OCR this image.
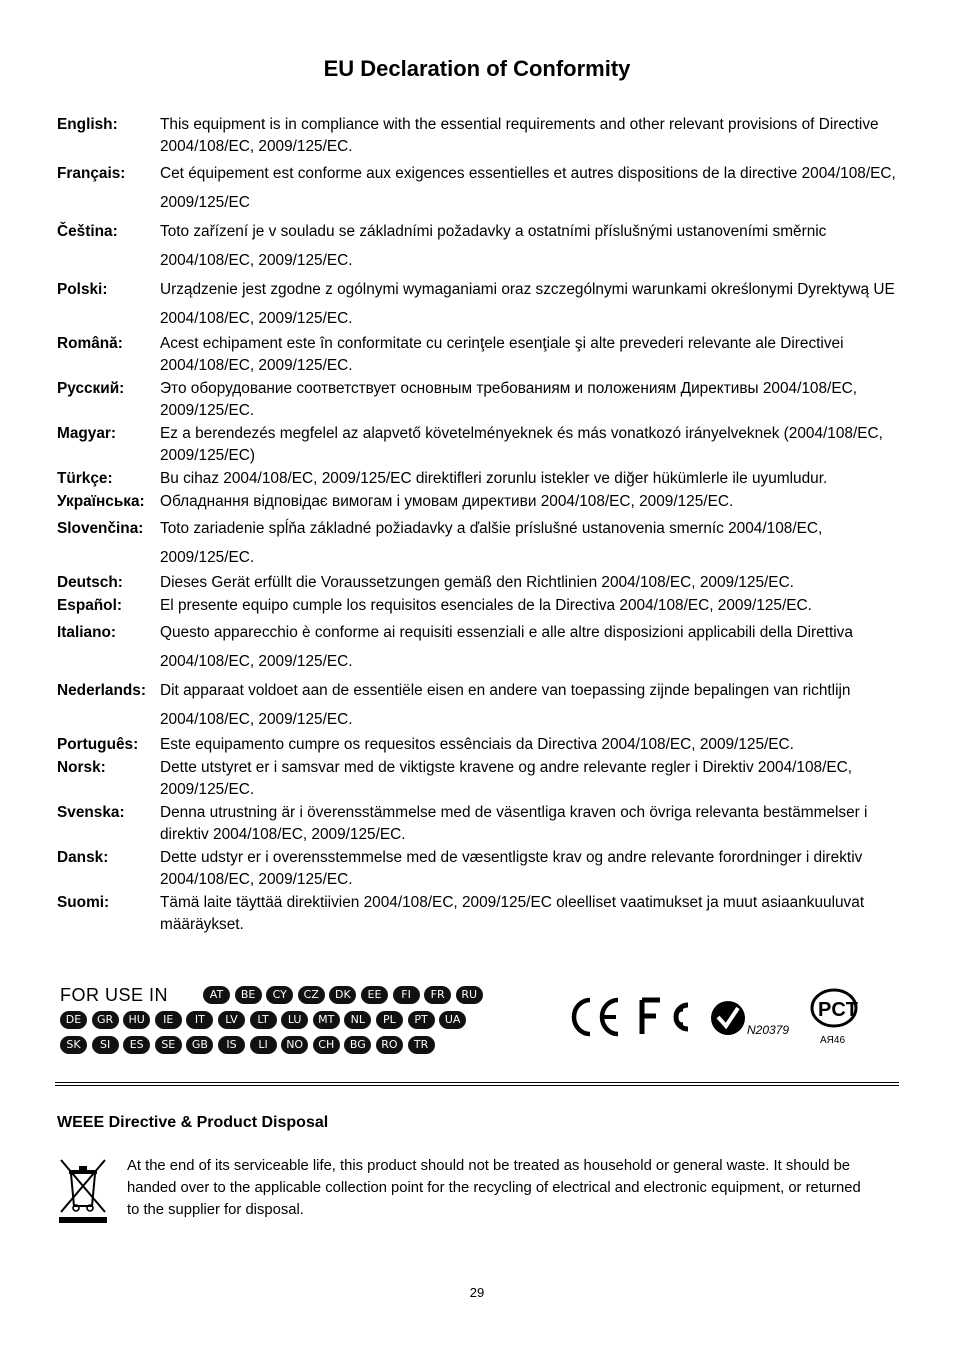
EU Declaration of Conformity
English:	This equipment is in compliance with the essential requirements and other relevant provisions of Directive 2004/108/EC, 2009/125/EC.
Français:	Cet équipement est conforme aux exigences essentielles et autres dispositions de la directive 2004/108/EC, 2009/125/EC
Čeština:	Toto zařízení je v souladu se základními požadavky a ostatními příslušnými ustanoveními směrnic 2004/108/EC, 2009/125/EC.
Polski:	Urządzenie jest zgodne z ogólnymi wymaganiami oraz szczególnymi warunkami określonymi Dyrektywą UE 2004/108/EC, 2009/125/EC.
Română:	Acest echipament este în conformitate cu cerinţele esenţiale şi alte prevederi relevante ale Directivei 2004/108/EC, 2009/125/EC.
Русский:	Это оборудование соответствует основным требованиям и положениям Директивы 2004/108/EC, 2009/125/EC.
Magyar:	Ez a berendezés megfelel az alapvető követelményeknek és más vonatkozó irányelveknek (2004/108/EC, 2009/125/EC)
Türkçe:	Bu cihaz 2004/108/EC, 2009/125/EC direktifleri zorunlu istekler ve diğer hükümlerle ile uyumludur.
Українська: Обладнання відповідає вимогам і умовам директиви 2004/108/EC, 2009/125/EC.
Slovenčina:	Toto zariadenie spĺňa základné požiadavky a ďalšie príslušné ustanovenia smerníc 2004/108/EC, 2009/125/EC.
Deutsch:	Dieses Gerät erfüllt die Voraussetzungen gemäß den Richtlinien 2004/108/EC, 2009/125/EC.
Español:	El presente equipo cumple los requisitos esenciales de la Directiva 2004/108/EC, 2009/125/EC.
Italiano:	Questo apparecchio è conforme ai requisiti essenziali e alle altre disposizioni applicabili della Direttiva 2004/108/EC, 2009/125/EC.
Nederlands: Dit apparaat voldoet aan de essentiële eisen en andere van toepassing zijnde bepalingen van richtlijn 2004/108/EC, 2009/125/EC.
Português:	Este equipamento cumpre os requesitos essênciais da Directiva 2004/108/EC, 2009/125/EC.
Norsk:	Dette utstyret er i samsvar med de viktigste kravene og andre relevante regler i Direktiv 2004/108/EC, 2009/125/EC.
Svenska:	Denna utrustning är i överensstämmelse med de väsentliga kraven och övriga relevanta bestämmelser i direktiv 2004/108/EC, 2009/125/EC.
Dansk:	Dette udstyr er i overensstemmelse med de væsentligste krav og andre relevante forordninger i direktiv 2004/108/EC, 2009/125/EC.
Suomi:	Tämä laite täyttää direktiivien 2004/108/EC, 2009/125/EC oleelliset vaatimukset ja muut asiaankuuluvat määräykset.
FOR USE IN	AT	BE	CY	CZ	DK	EE	FI	FR	RU
DE	GR	HU	IE	IT	LV	LT	LU	MT	NL	PL	PT	UA
SK	SI	ES	SE	GB	IS	LI	NO	CH	BG	RO	TR
N20379
PCT
АЯ46
WEEE Directive & Product Disposal
At the end of its serviceable life, this product should not be treated as household or general waste. It should be handed over to the applicable collection point for the recycling of electrical and electronic equipment, or returned to the supplier for disposal.
29
